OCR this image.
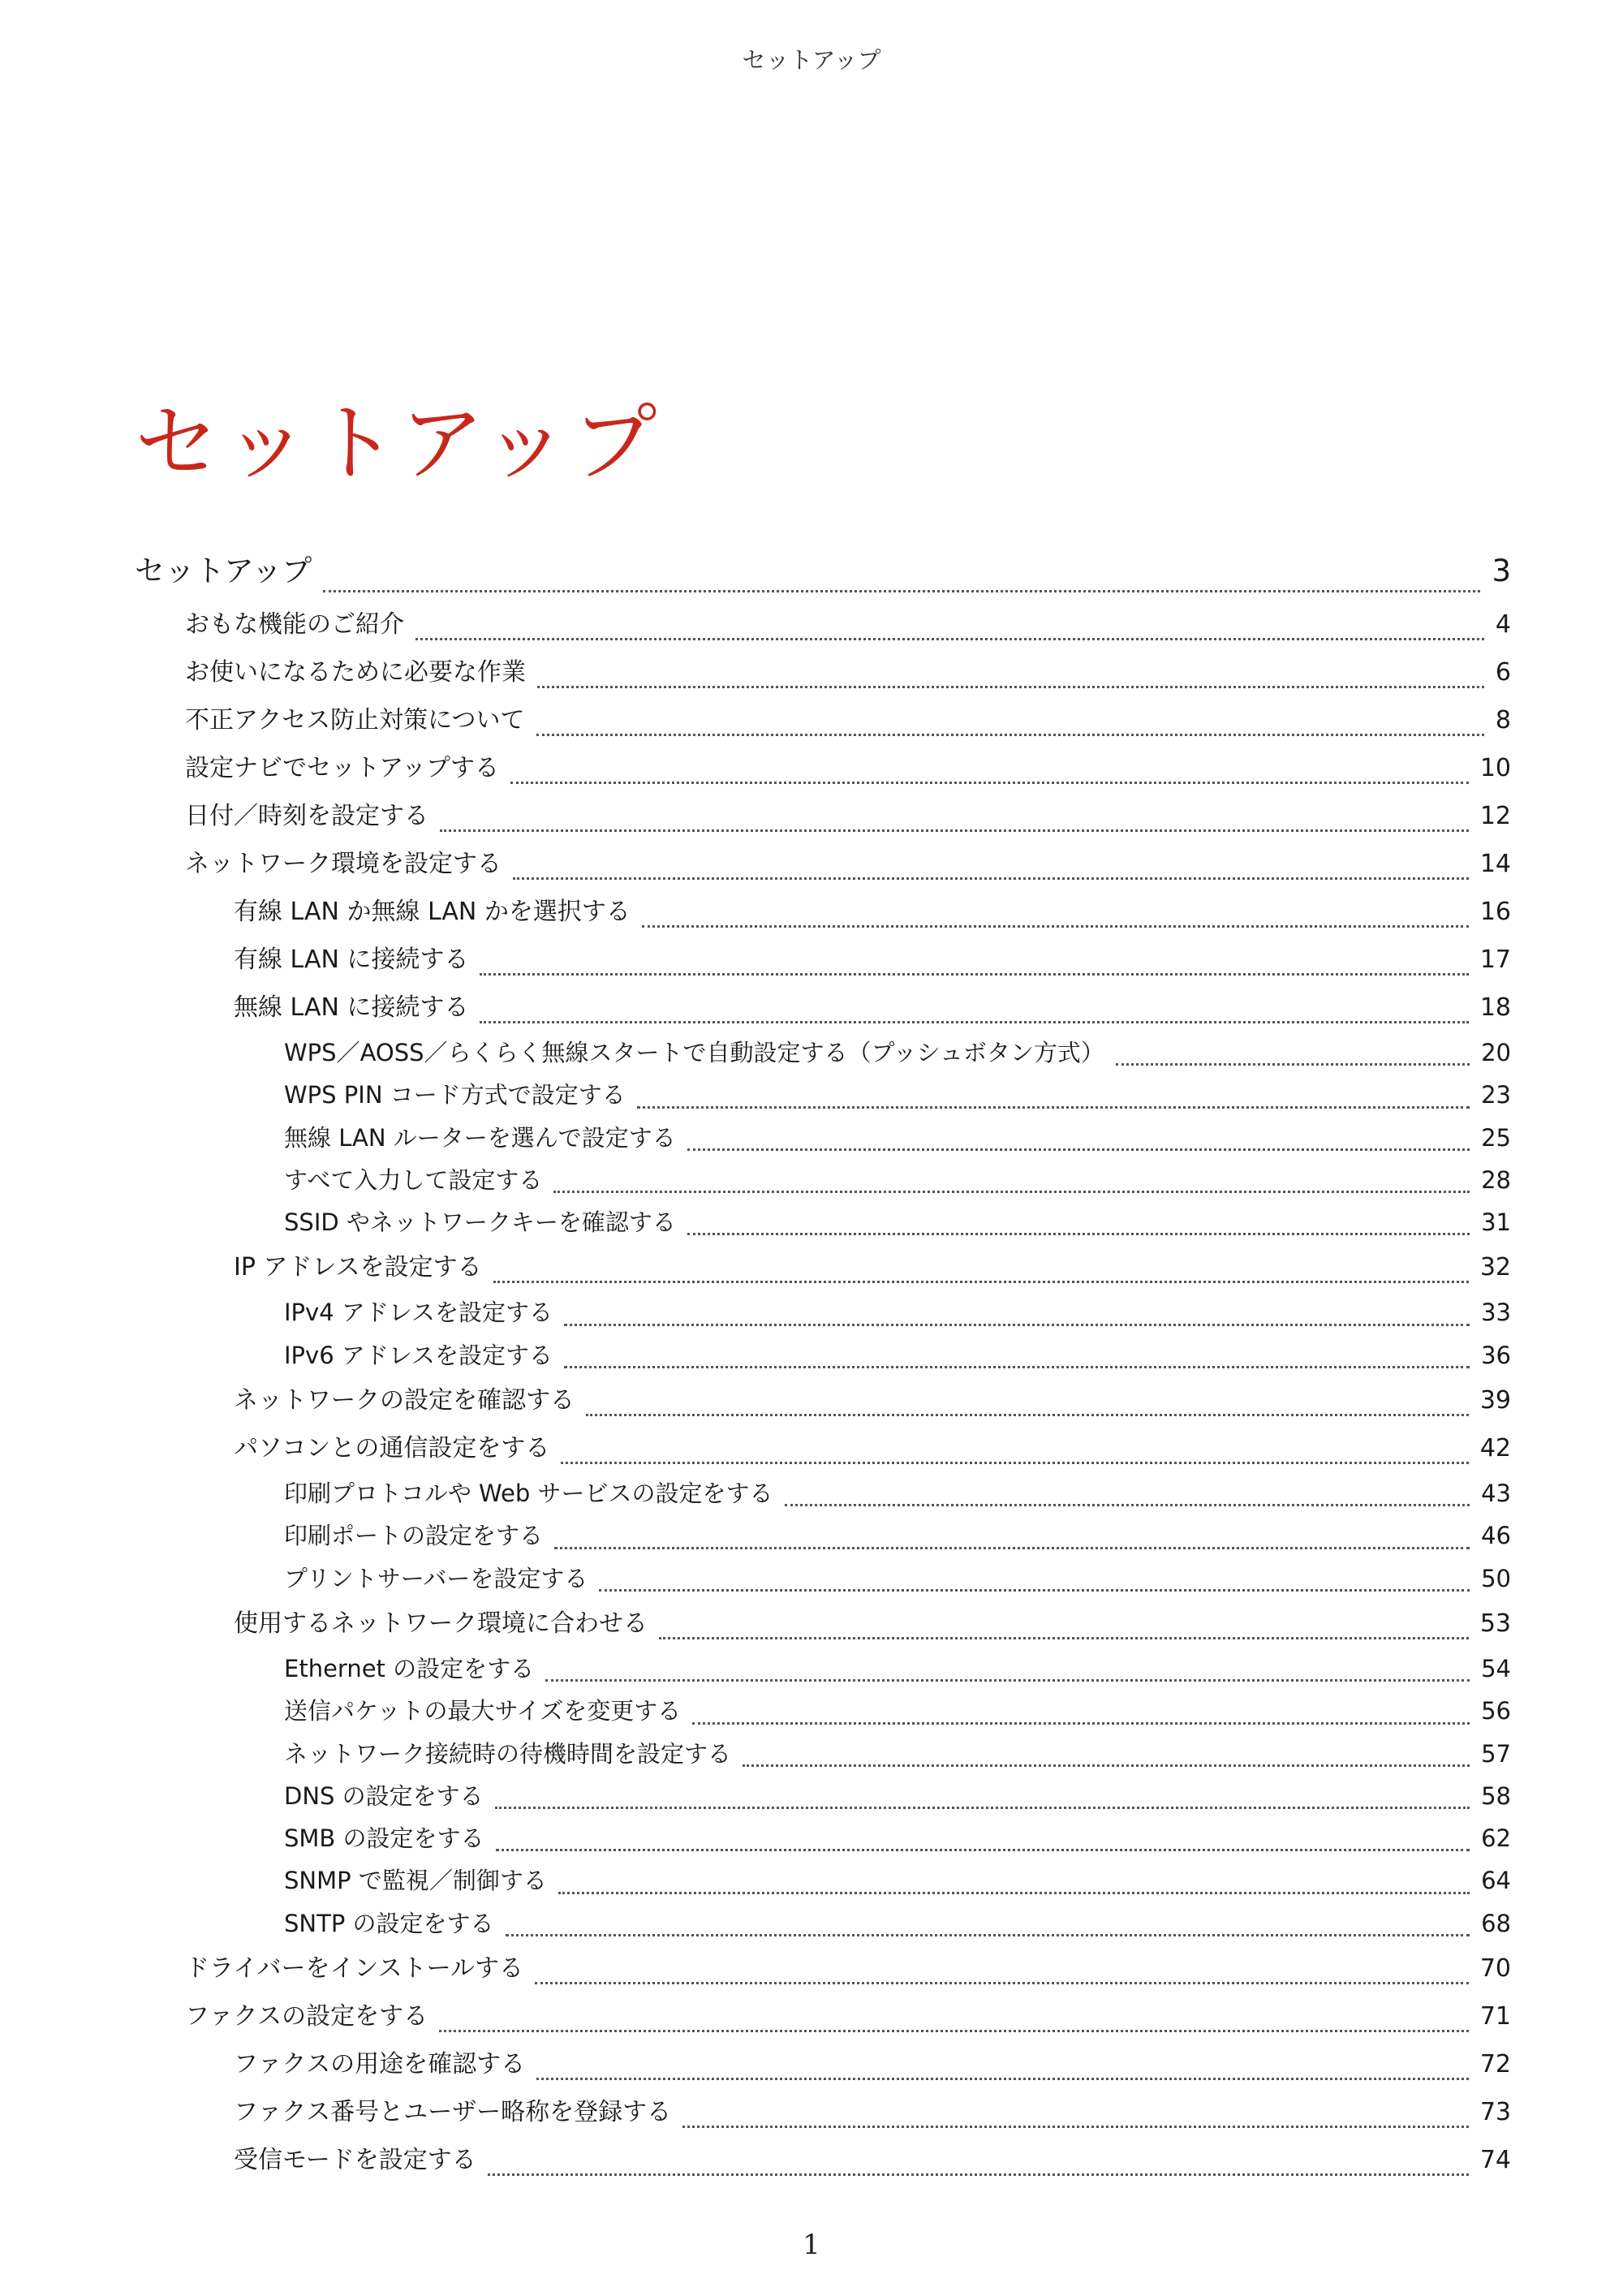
セットアップ
セットアップ
セットアップ	3
おもな機能のご紹介	4
お使いになるために必要な作業	6
不正アクセス防止対策について	8
設定ナビでセットアップする	10
日付／時刻を設定する	12
ネットワーク環境を設定する	14
有線 LAN か無線 LAN かを選択する	16
有線 LAN に接続する	17
無線 LAN に接続する	18
WPS／AOSS／らくらく無線スタートで自動設定する（プッシュボタン方式）	20
WPS PIN コード方式で設定する	23
無線 LAN ルーターを選んで設定する	25
すべて入力して設定する	28
SSID やネットワークキーを確認する	31
IP アドレスを設定する	32
IPv4 アドレスを設定する	33
IPv6 アドレスを設定する	36
ネットワークの設定を確認する	39
パソコンとの通信設定をする	42
印刷プロトコルや Web サービスの設定をする	43
印刷ポートの設定をする	46
プリントサーバーを設定する	50
使用するネットワーク環境に合わせる	53
Ethernet の設定をする	54
送信パケットの最大サイズを変更する	56
ネットワーク接続時の待機時間を設定する	57
DNS の設定をする	58
SMB の設定をする	62
SNMP で監視／制御する	64
SNTP の設定をする	68
ドライバーをインストールする	70
ファクスの設定をする	71
ファクスの用途を確認する	72
ファクス番号とユーザー略称を登録する	73
受信モードを設定する	74
1
